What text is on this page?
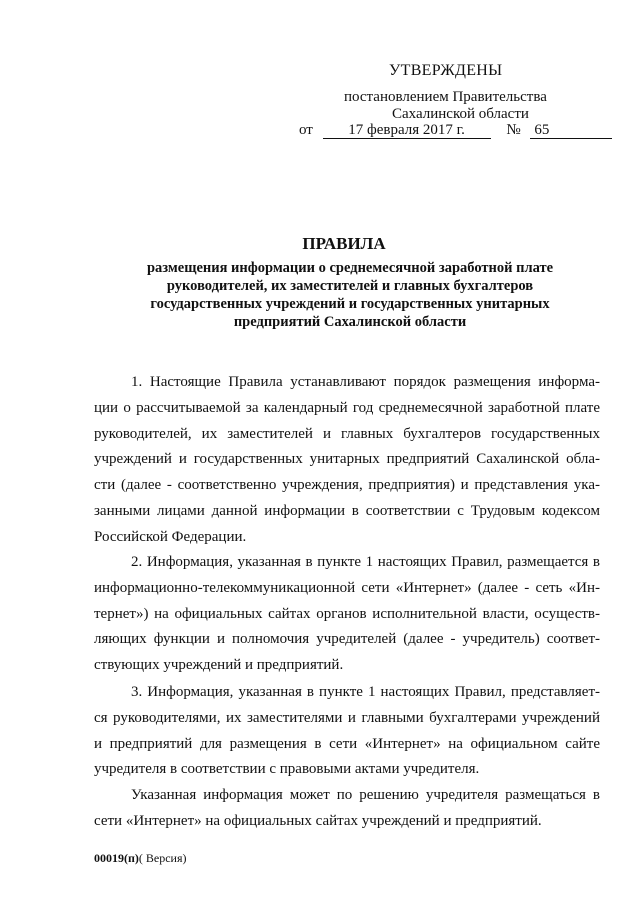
УТВЕРЖДЕНЫ
постановлением Правительства
Сахалинской области
от 17 февраля 2017 г.	№ 65
ПРАВИЛА
размещения информации о среднемесячной заработной плате
руководителей, их заместителей и главных бухгалтеров
государственных учреждений и государственных унитарных
предприятий Сахалинской области
1. Настоящие Правила устанавливают порядок размещения информа-
ции о рассчитываемой за календарный год среднемесячной заработной плате
руководителей, их заместителей и главных бухгалтеров государственных
учреждений и государственных унитарных предприятий Сахалинской обла-
сти (далее - соответственно учреждения, предприятия) и представления ука-
занными лицами данной информации в соответствии с Трудовым кодексом
Российской Федерации.
2. Информация, указанная в пункте 1 настоящих Правил, размещается в
информационно-телекоммуникационной сети «Интернет» (далее - сеть «Ин-
тернет») на официальных сайтах органов исполнительной власти, осуществ-
ляющих функции и полномочия учредителей (далее - учредитель) соответ-
ствующих учреждений и предприятий.
3. Информация, указанная в пункте 1 настоящих Правил, представляет-
ся руководителями, их заместителями и главными бухгалтерами учреждений
и предприятий для размещения в сети «Интернет» на официальном сайте
учредителя в соответствии с правовыми актами учредителя.
Указанная информация может по решению учредителя размещаться в
сети «Интернет» на официальных сайтах учреждений и предприятий.
00019(п)( Версия)
